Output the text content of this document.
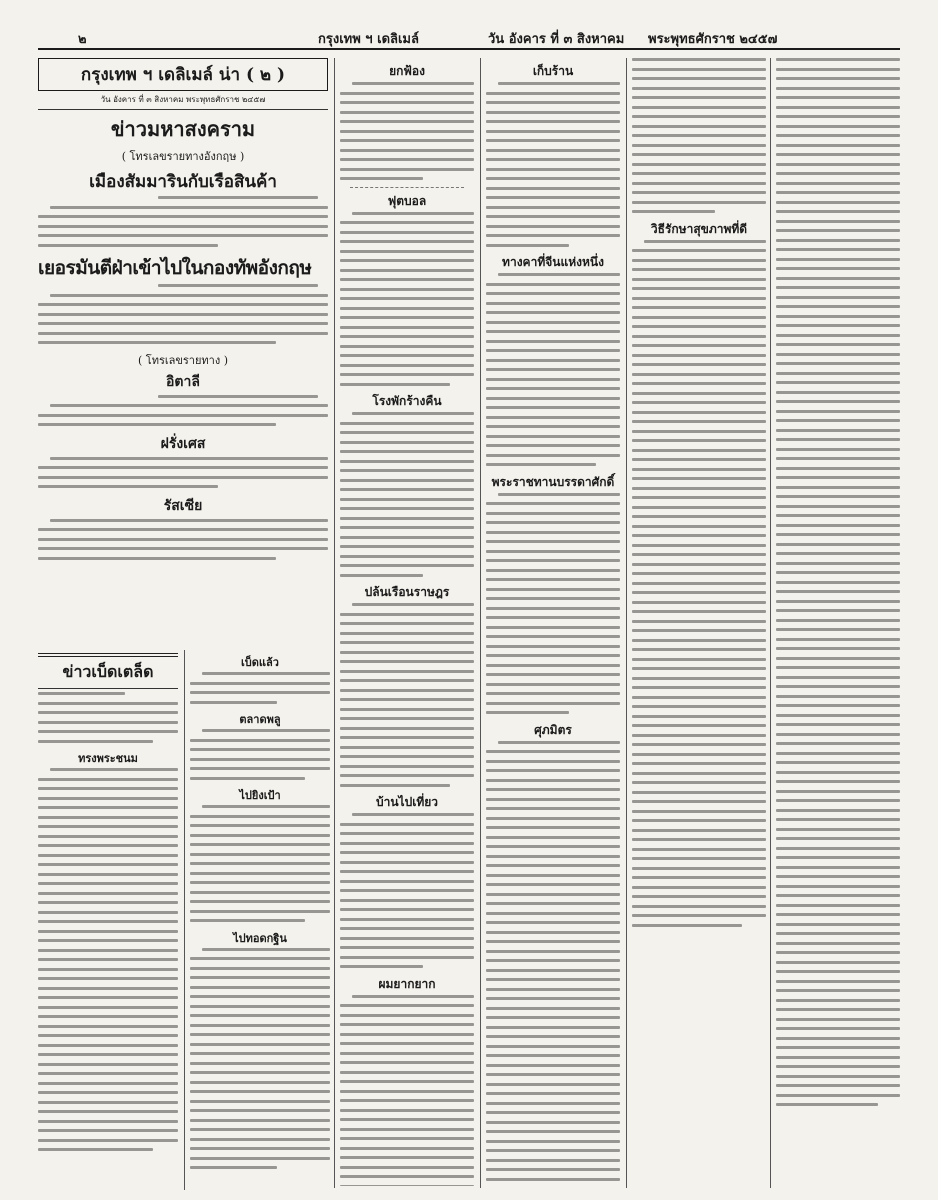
๒	กรุงเทพ ฯ เดลิเมล์	วัน อังคาร ที่ ๓ สิงหาคม พระพุทธศักราช ๒๔๕๗
กรุงเทพ ฯ เดลิเมล์ น่า ( ๒ )
วัน อังคาร ที่ ๓ สิงหาคม พระพุทธศักราช ๒๔๕๗
ข่าวมหาสงคราม
( โทรเลขรายทางอังกฤษ )
เมืองสัมมารินกับเรือสินค้า
เยอรมันตีฝ่าเข้าไปในกองทัพอังกฤษ
( โทรเลขรายทาง )
อิตาลี
ฝรั่งเศส
รัสเซีย
ข่าวเบ็ดเตล็ด
ทรงพระชนม
เบ็ดแล้ว
ตลาดพลู
ไปยิงเป้า
ไปทอดกฐิน
ยกฟ้อง
ฟุตบอล
โรงพักร้างคืน
ปล้นเรือนราษฎร
บ้านไปเที่ยว
ผมยากยาก
เก็บร้าน
ทางคาที่จีนแห่งหนึ่ง
พระราชทานบรรดาศักดิ์
ศุภมิตร
วิธีรักษาสุขภาพที่ดี
